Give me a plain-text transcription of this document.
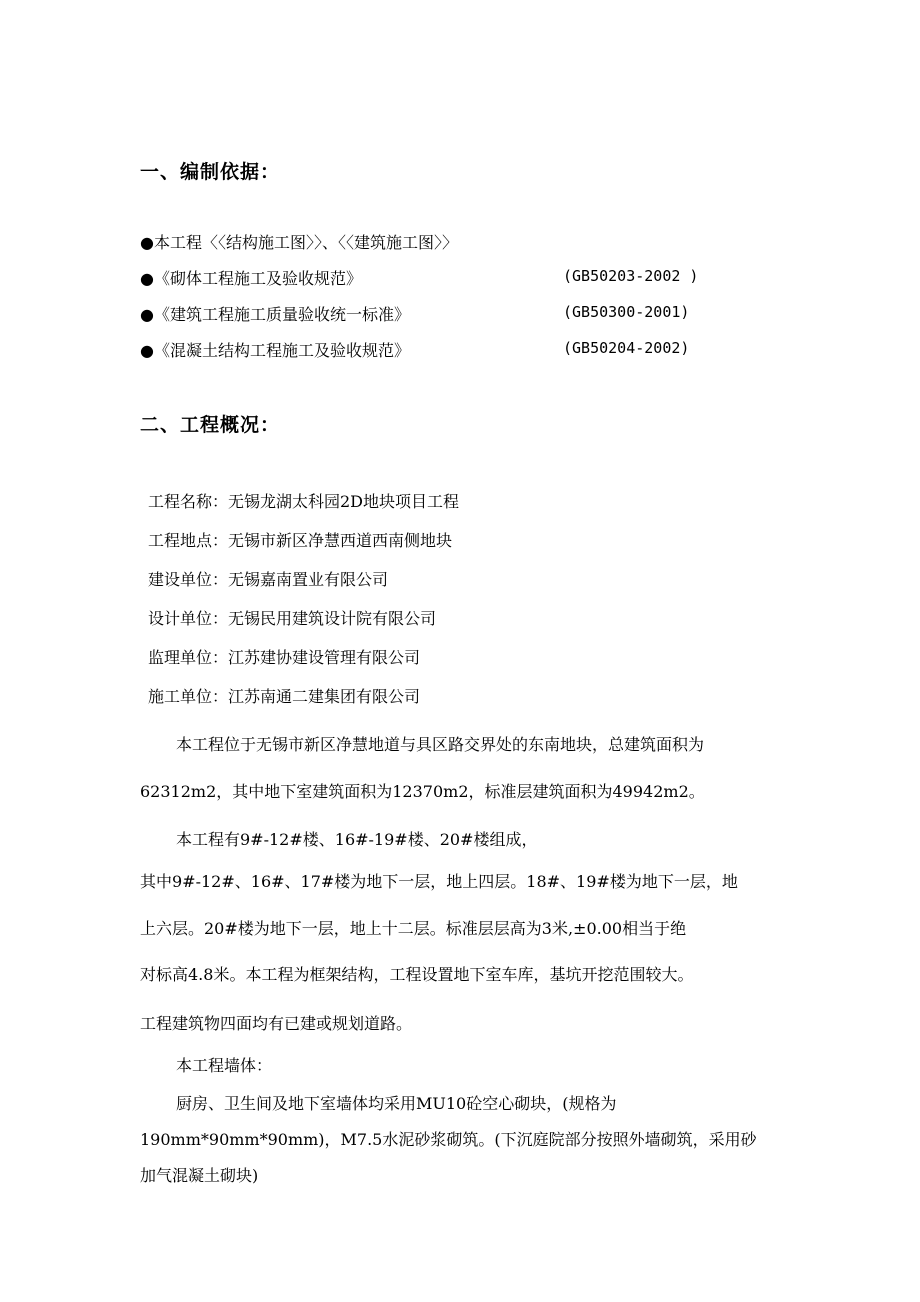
一、编制依据：
●本工程〈〈结构施工图〉〉、〈〈建筑施工图〉〉
●《砌体工程施工及验收规范》	(GB50203-2002 )
●《建筑工程施工质量验收统一标准》	(GB50300-2001)
●《混凝土结构工程施工及验收规范》	(GB50204-2002)
二、工程概况：
工程名称：无锡龙湖太科园2D地块项目工程
工程地点：无锡市新区净慧西道西南侧地块
建设单位：无锡嘉南置业有限公司
设计单位：无锡民用建筑设计院有限公司
监理单位：江苏建协建设管理有限公司
施工单位：江苏南通二建集团有限公司
本工程位于无锡市新区净慧地道与具区路交界处的东南地块，总建筑面积为
62312m2，其中地下室建筑面积为12370m2，标准层建筑面积为49942m2。
本工程有9#-12#楼、16#-19#楼、20#楼组成，
其中9#-12#、16#、17#楼为地下一层，地上四层。18#、19#楼为地下一层，地
上六层。20#楼为地下一层，地上十二层。标准层层高为3米,±0.00相当于绝
对标高4.8米。本工程为框架结构，工程设置地下室车库，基坑开挖范围较大。
工程建筑物四面均有已建或规划道路。
本工程墙体：
厨房、卫生间及地下室墙体均采用MU10砼空心砌块，(规格为
190mm*90mm*90mm)，M7.5水泥砂浆砌筑。(下沉庭院部分按照外墙砌筑，采用砂
加气混凝土砌块)
